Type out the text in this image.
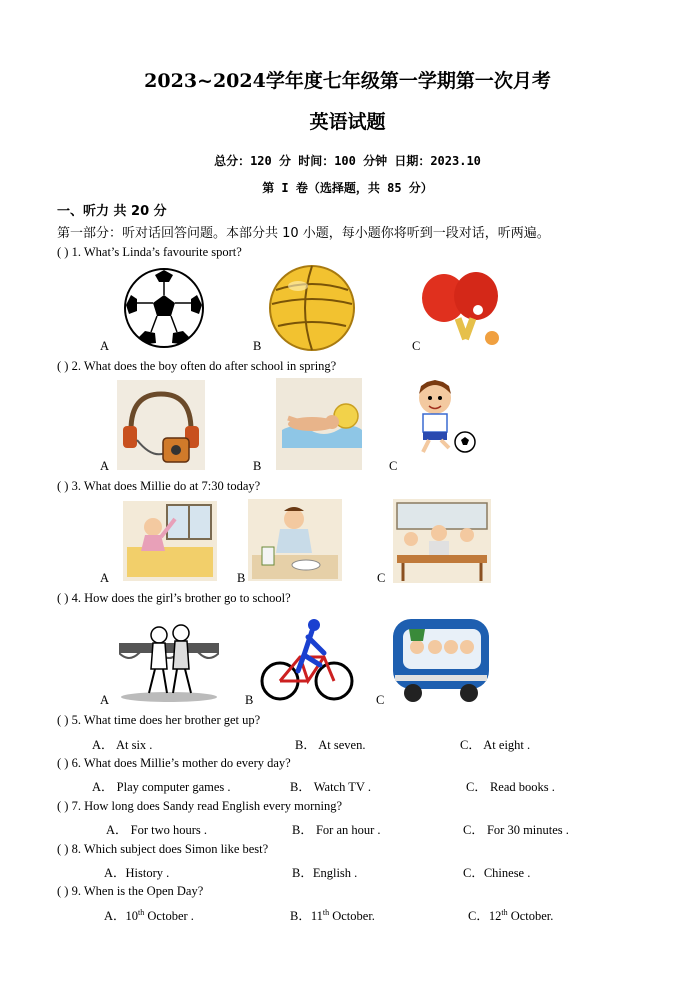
2023~2024学年度七年级第一学期第一次月考
英语试题
总分：120 分 时间：100 分钟 日期：2023.10
第 I 卷（选择题，共 85 分）
一、听力 共 20 分
第一部分：听对话回答问题。本部分共 10 小题，每小题你将听到一段对话，听两遍。
( ) 1. What’s Linda’s favourite sport?
A	B	C
( ) 2. What does the boy often do after school in spring?
A	B	C
( ) 3. What does Millie do at 7:30 today?
A	B	C
( ) 4. How does the girl’s brother go to school?
A	B	C
( ) 5. What time does her brother get up?
A． At six .	B． At seven.	C． At eight .
( ) 6. What does Millie’s mother do every day?
A． Play computer games .	B． Watch TV .	C． Read books .
( ) 7. How long does Sandy read English every morning?
A． For two hours .	B． For an hour .	C． For 30 minutes .
( ) 8. Which subject does Simon like best?
A．History .	B．English .	C．Chinese .
( ) 9. When is the Open Day?
A．10th October .	B．11th October.	C．12th October.
